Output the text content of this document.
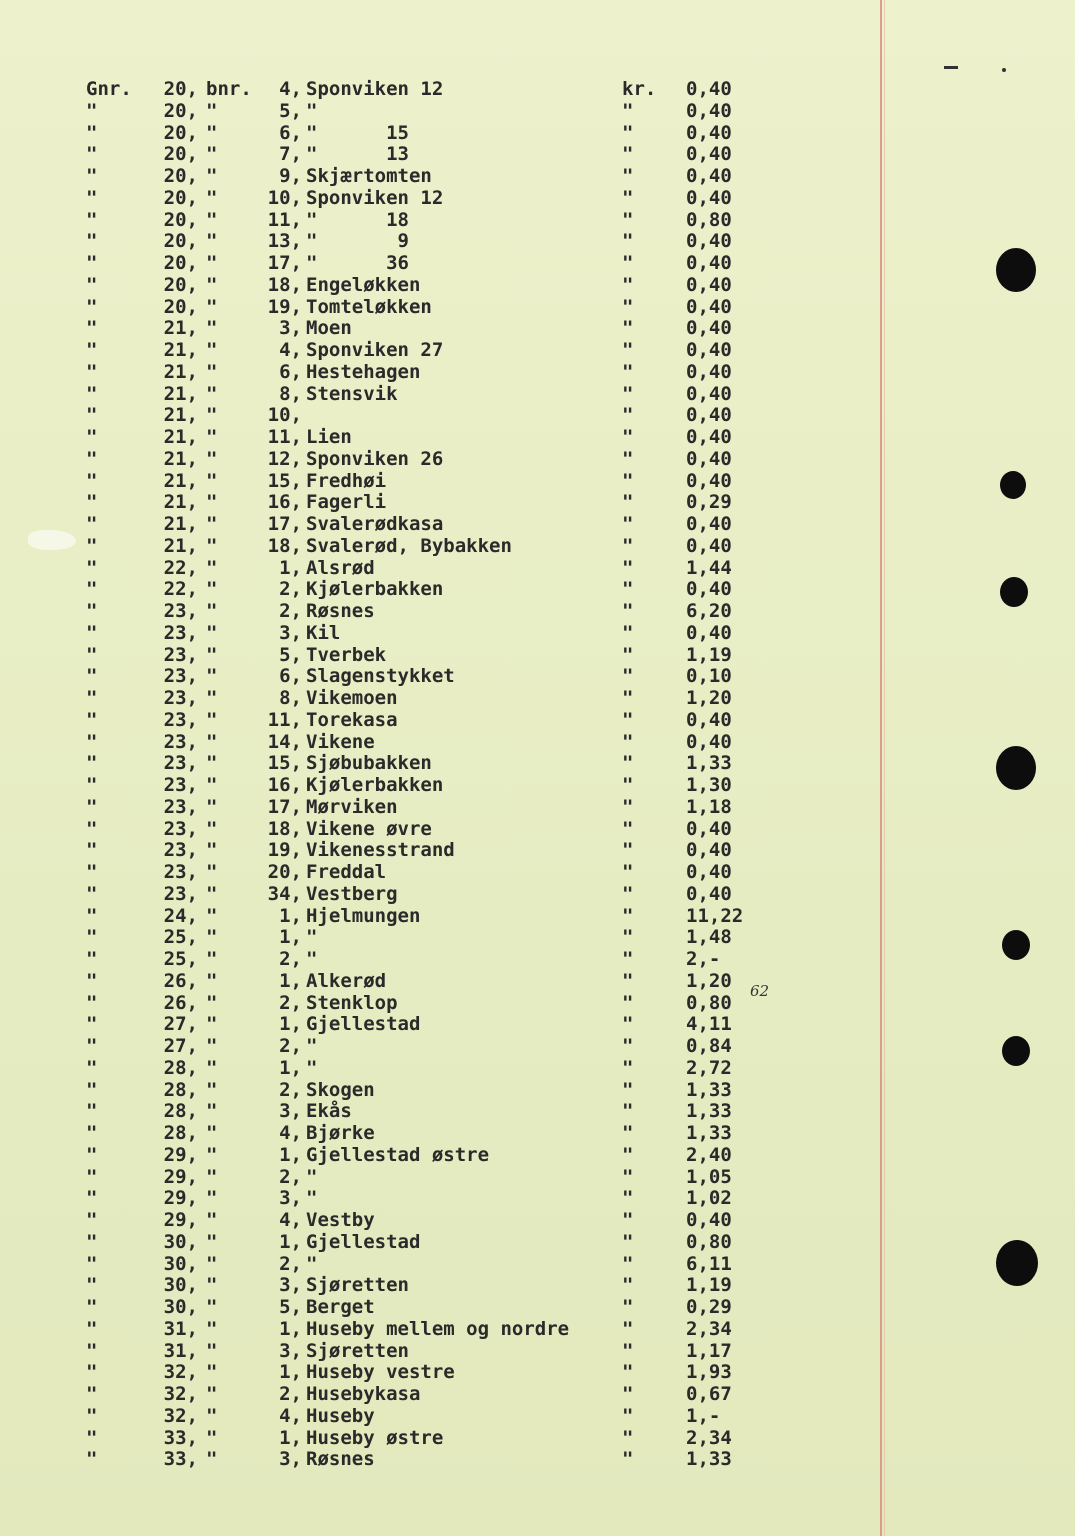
Gnr.	20, bnr.	4, Sponviken 12	kr. 0,40
"	20, "	5, "	"	0,40
"	20, "	6, "      15	"	0,40
"	20, "	7, "      13	"	0,40
"	20, "	9, Skjærtomten	"	0,40
"	20, "	10, Sponviken 12	"	0,40
"	20, "	11, "      18	"	0,80
"	20, "	13, "       9	"	0,40
"	20, "	17, "      36	"	0,40
"	20, "	18, Engeløkken	"	0,40
"	20, "	19, Tomteløkken	"	0,40
"	21, "	3, Moen	"	0,40
"	21, "	4, Sponviken 27	"	0,40
"	21, "	6, Hestehagen	"	0,40
"	21, "	8, Stensvik	"	0,40
"	21, "	10,	"	0,40
"	21, "	11, Lien	"	0,40
"	21, "	12, Sponviken 26	"	0,40
"	21, "	15, Fredhøi	"	0,40
"	21, "	16, Fagerli	"	0,29
"	21, "	17, Svalerødkasa	"	0,40
"	21, "	18, Svalerød, Bybakken	"	0,40
"	22, "	1, Alsrød	"	1,44
"	22, "	2, Kjølerbakken	"	0,40
"	23, "	2, Røsnes	"	6,20
"	23, "	3, Kil	"	0,40
"	23, "	5, Tverbek	"	1,19
"	23, "	6, Slagenstykket	"	0,10
"	23, "	8, Vikemoen	"	1,20
"	23, "	11, Torekasa	"	0,40
"	23, "	14, Vikene	"	0,40
"	23, "	15, Sjøbubakken	"	1,33
"	23, "	16, Kjølerbakken	"	1,30
"	23, "	17, Mørviken	"	1,18
"	23, "	18, Vikene øvre	"	0,40
"	23, "	19, Vikenesstrand	"	0,40
"	23, "	20, Freddal	"	0,40
"	23, "	34, Vestberg	"	0,40
"	24, "	1, Hjelmungen	"	11,22
"	25, "	1, "	"	1,48
"	25, "	2, "	"	2,-
"	26, "	1, Alkerød	"	1,20
"	26, "	2, Stenklop	"	0,80
"	27, "	1, Gjellestad	"	4,11
"	27, "	2, "	"	0,84
"	28, "	1, "	"	2,72
"	28, "	2, Skogen	"	1,33
"	28, "	3, Ekås	"	1,33
"	28, "	4, Bjørke	"	1,33
"	29, "	1, Gjellestad østre	"	2,40
"	29, "	2, "	"	1,05
"	29, "	3, "	"	1,02
"	29, "	4, Vestby	"	0,40
"	30, "	1, Gjellestad	"	0,80
"	30, "	2, "	"	6,11
"	30, "	3, Sjøretten	"	1,19
"	30, "	5, Berget	"	0,29
"	31, "	1, Huseby mellem og nordre	"	2,34
"	31, "	3, Sjøretten	"	1,17
"	32, "	1, Huseby vestre	"	1,93
"	32, "	2, Husebykasa	"	0,67
"	32, "	4, Huseby	"	1,-
"	33, "	1, Huseby østre	"	2,34
"	33, "	3, Røsnes	"	1,33
62
